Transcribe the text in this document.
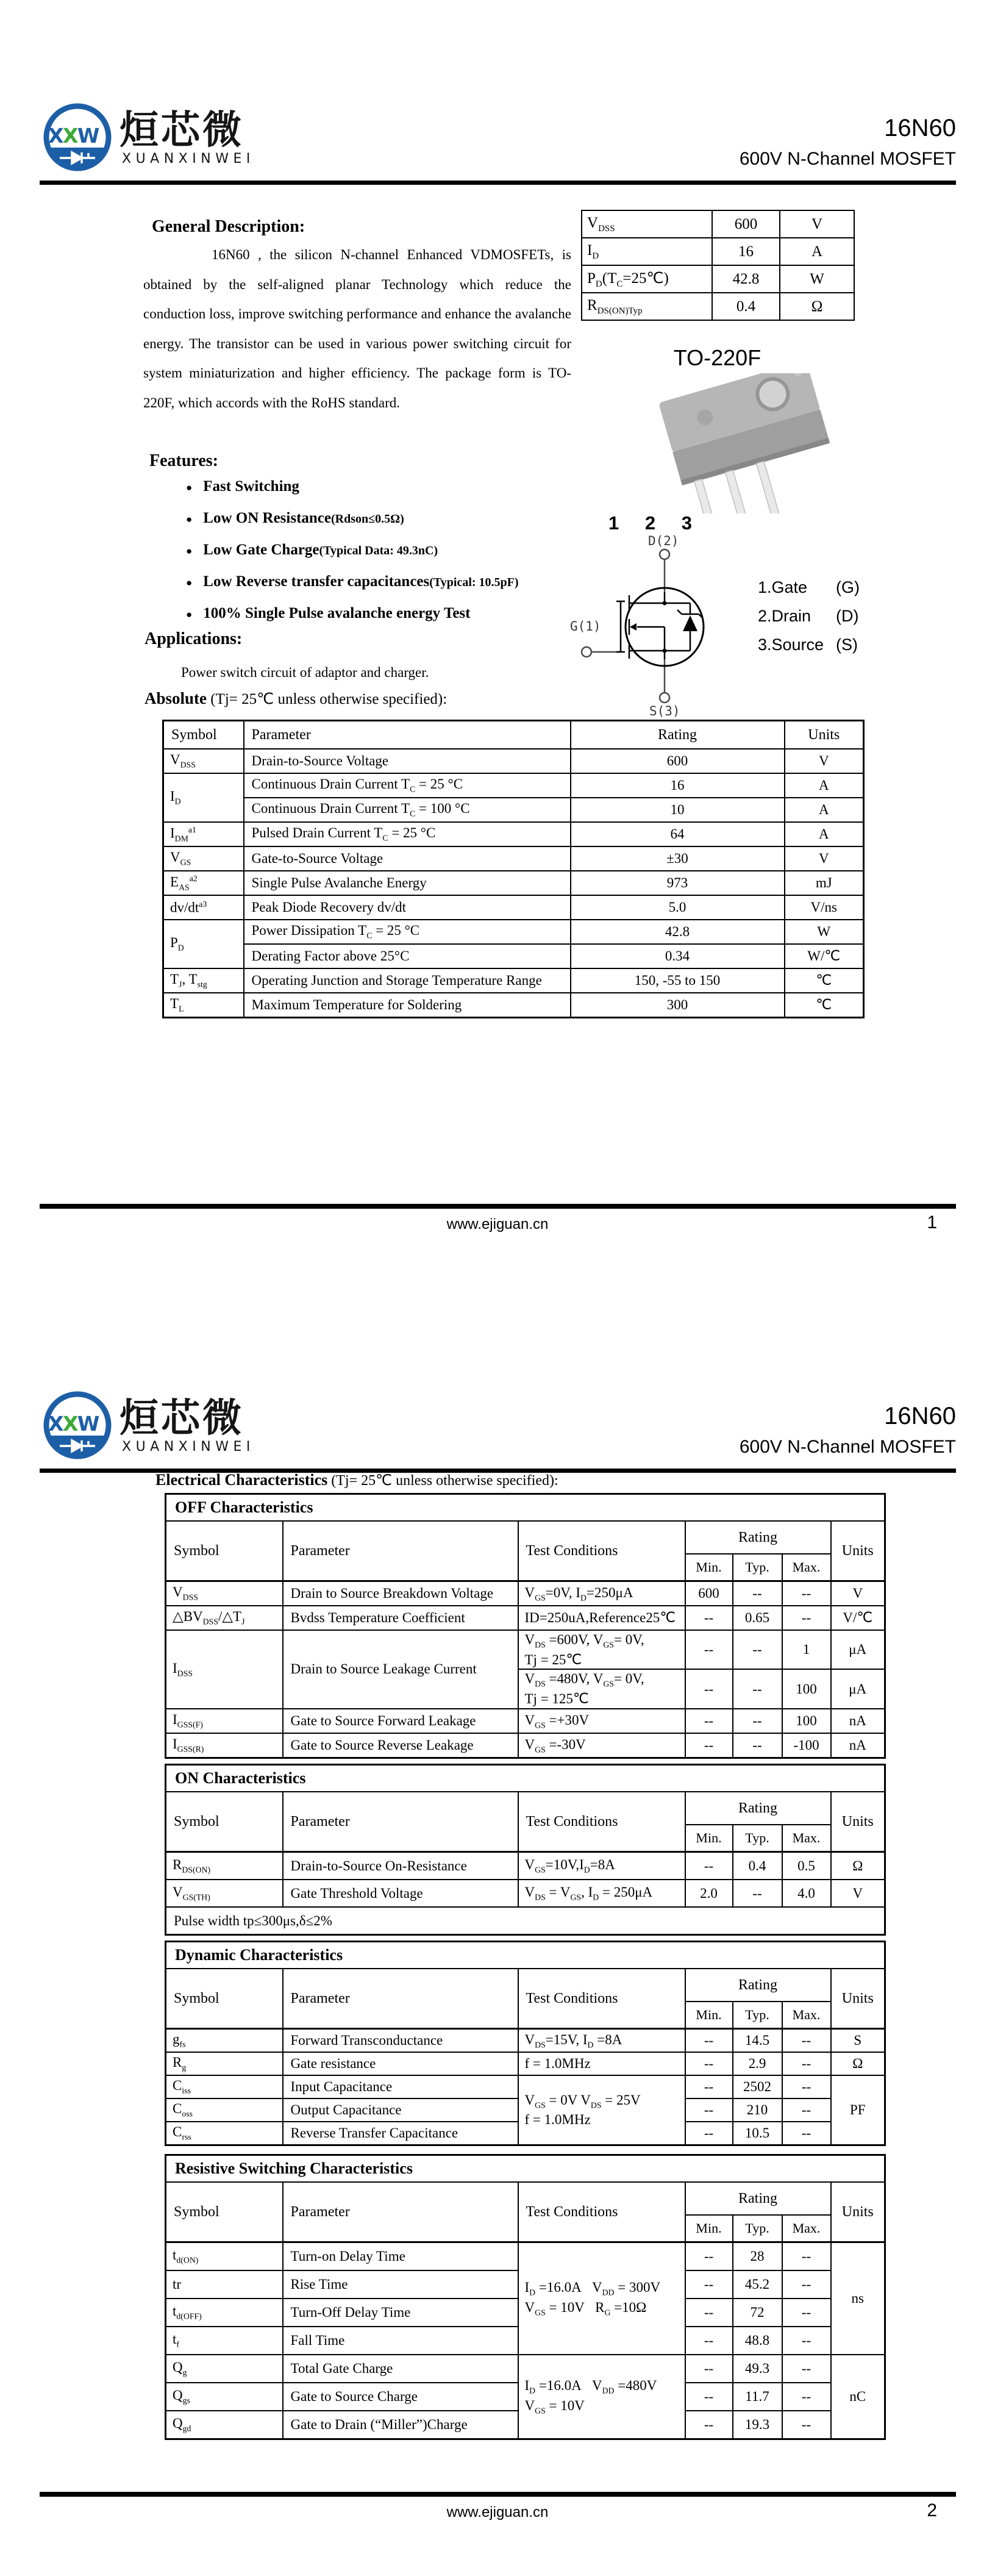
X
X
W 烜芯微
XUANXINWEI
16N60
600V N-Channel MOSFET
General Description:

16N60 , the silicon N-channel Enhanced VDMOSFETs, is obtained by the self-aligned planar Technology which reduce the conduction loss, improve switching performance and enhance the avalanche energy. The transistor can be used in various power switching circuit for system miniaturization and higher efficiency. The package form is TO-220F, which accords with the RoHS standard.

$V_{DSS}$	600	V
$I_D$	16	A
$P_D(T_C=25℃)$	42.8	W
$R_{DS(ON)Typ}$	0.4	Ω
TO-220F
1 2 3
D(2)
G(1)
S(3)
1.Gate	(G)
2.Drain	(D)
3.Source (S)
Features:
● Fast Switching
● Low ON Resistance (Rdson≤0.5Ω)
● Low Gate Charge (Typical Data: 49.3nC)
● Low Reverse transfer capacitances (Typical: 10.5pF)
● 100% Single Pulse avalanche energy Test
Applications:
Power switch circuit of adaptor and charger.
Absolute (Tj= 25℃ unless otherwise specified):
Symbol	Parameter	Rating	Units
$V_{DSS}$	Drain-to-Source Voltage	600	V
$I_D$	Continuous Drain Current $T_C = 25$ °C	16	A
	Continuous Drain Current $T_C = 100$ °C	10	A
$I_{DM}^{a1}$	Pulsed Drain Current $T_C = 25$ °C	64	A
$V_{GS}$	Gate-to-Source Voltage	±30	V
$E_{AS}^{a2}$	Single Pulse Avalanche Energy	973	mJ
$dv/dt^{a3}$	Peak Diode Recovery dv/dt	5.0	V/ns
$P_D$	Power Dissipation $T_C = 25$ °C	42.8	W
	Derating Factor above 25°C	0.34	W/℃
$T_J$, $T_{stg}$	Operating Junction and Storage Temperature Range	150, -55 to 150	℃
$T_L$	Maximum Temperature for Soldering	300	℃
www.ejiguan.cn	1
X
X
W 烜芯微
XUANXINWEI
16N60
600V N-Channel MOSFET
Electrical Characteristics (Tj= 25℃ unless otherwise specified):
OFF Characteristics						
Symbol	Parameter	Test Conditions	Rating			Units
			Min.	Typ.	Max.	
$V_{DSS}$	Drain to Source Breakdown Voltage	$V_{GS}=0V$, $I_D=250\mu A$	600	--	--	V
$\triangle BV_{DSS}/\triangle T_J$	Bvdss Temperature Coefficient	ID=250uA,Reference25℃	--	0.65	--	V/℃
$I_{DSS}$	Drain to Source Leakage Current	$V_{DS} =600V$, $V_{GS}= 0V$,
Tj = 25℃	--	--	1	μA
		$V_{DS} =480V$, $V_{GS}= 0V$,
Tj = 125℃	--	--	100	μA
$I_{GSS(F)}$	Gate to Source Forward Leakage	$V_{GS} =+30V$	--	--	100	nA
$I_{GSS(R)}$	Gate to Source Reverse Leakage	$V_{GS} =-30V$	--	--	-100	nA
ON Characteristics						
Symbol	Parameter	Test Conditions	Rating			Units
			Min.	Typ.	Max.	
$R_{DS(ON)}$	Drain-to-Source On-Resistance	$V_{GS}=10V,I_D=8A$	--	0.4	0.5	Ω
$V_{GS(TH)}$	Gate Threshold Voltage	$V_{DS} = V_{GS}$, $I_D = 250\mu A$	2.0	--	4.0	V
Pulse width tp≤300μs,δ≤2%						
Dynamic Characteristics						
Symbol	Parameter	Test Conditions	Rating			Units
			Min.	Typ.	Max.	
$g_{fs}$	Forward Transconductance	$V_{DS}=15V$, $I_D =8A$	--	14.5	--	S
$R_g$	Gate resistance	f = 1.0MHz	--	2.9	--	Ω
$C_{iss}$	Input Capacitance	$V_{GS} = 0V$ $V_{DS} = 25V$
f = 1.0MHz	--	2502	--	PF
$C_{oss}$	Output Capacitance		--	210	--	
$C_{rss}$	Reverse Transfer Capacitance		--	10.5	--	
Resistive Switching Characteristics						
Symbol	Parameter	Test Conditions	Rating			Units
			Min.	Typ.	Max.	
$t_{d(ON)}$	Turn-on Delay Time	$I_D =16.0A$   $V_{DD} = 300V$
$V_{GS} = 10V$   $R_G =10\Omega$	--	28	--	ns
tr	Rise Time		--	45.2	--	
$t_{d(OFF)}$	Turn-Off Delay Time		--	72	--	
$t_f$	Fall Time		--	48.8	--	
$Q_g$	Total Gate Charge	$I_D =16.0A$   $V_{DD} =480V$
$V_{GS} = 10V$	--	49.3	--	nC
$Q_{gs}$	Gate to Source Charge		--	11.7	--	
$Q_{gd}$	Gate to Drain (“Miller”)Charge		--	19.3	--	
www.ejiguan.cn	2
